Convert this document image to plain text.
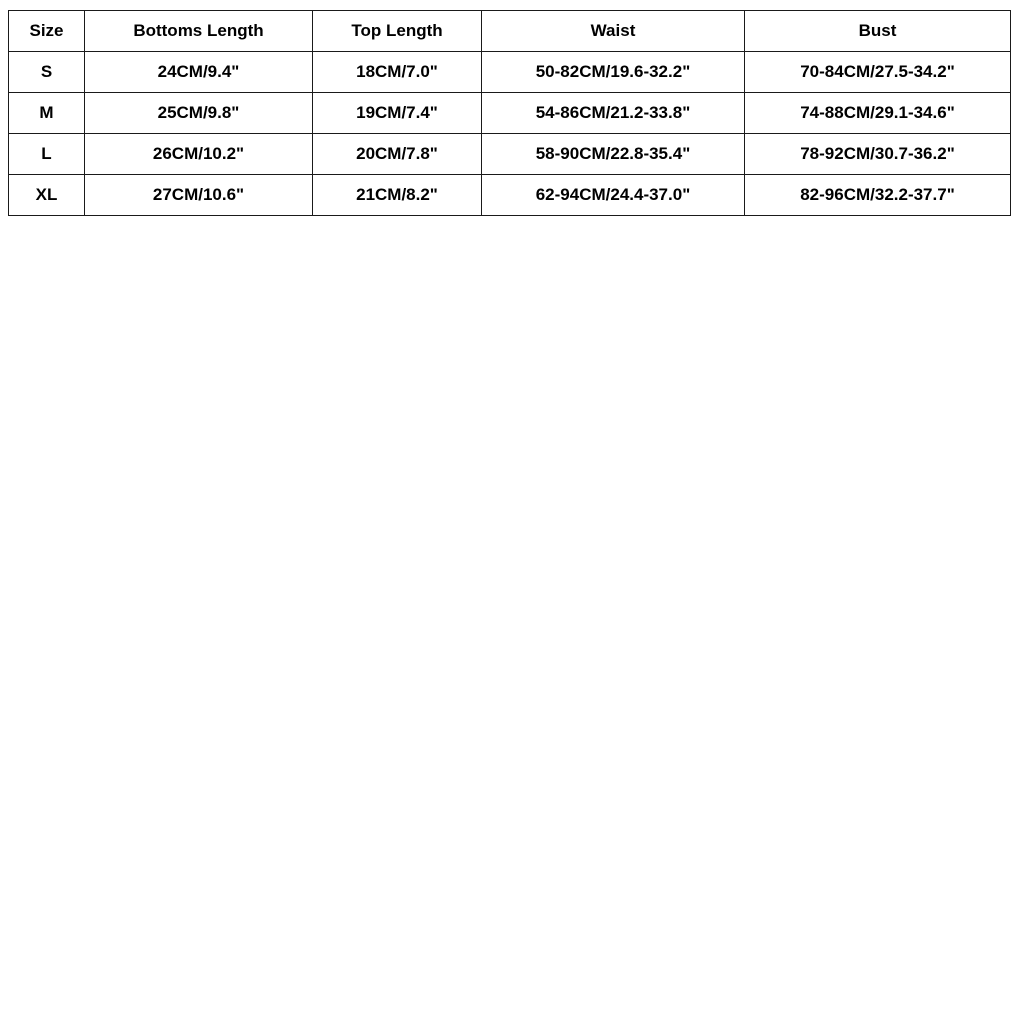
Size	Bottoms Length	Top Length	Waist	Bust
S	24CM/9.4"	18CM/7.0"	50-82CM/19.6-32.2"	70-84CM/27.5-34.2"
M	25CM/9.8"	19CM/7.4"	54-86CM/21.2-33.8"	74-88CM/29.1-34.6"
L	26CM/10.2"	20CM/7.8"	58-90CM/22.8-35.4"	78-92CM/30.7-36.2"
XL	27CM/10.6"	21CM/8.2"	62-94CM/24.4-37.0"	82-96CM/32.2-37.7"
